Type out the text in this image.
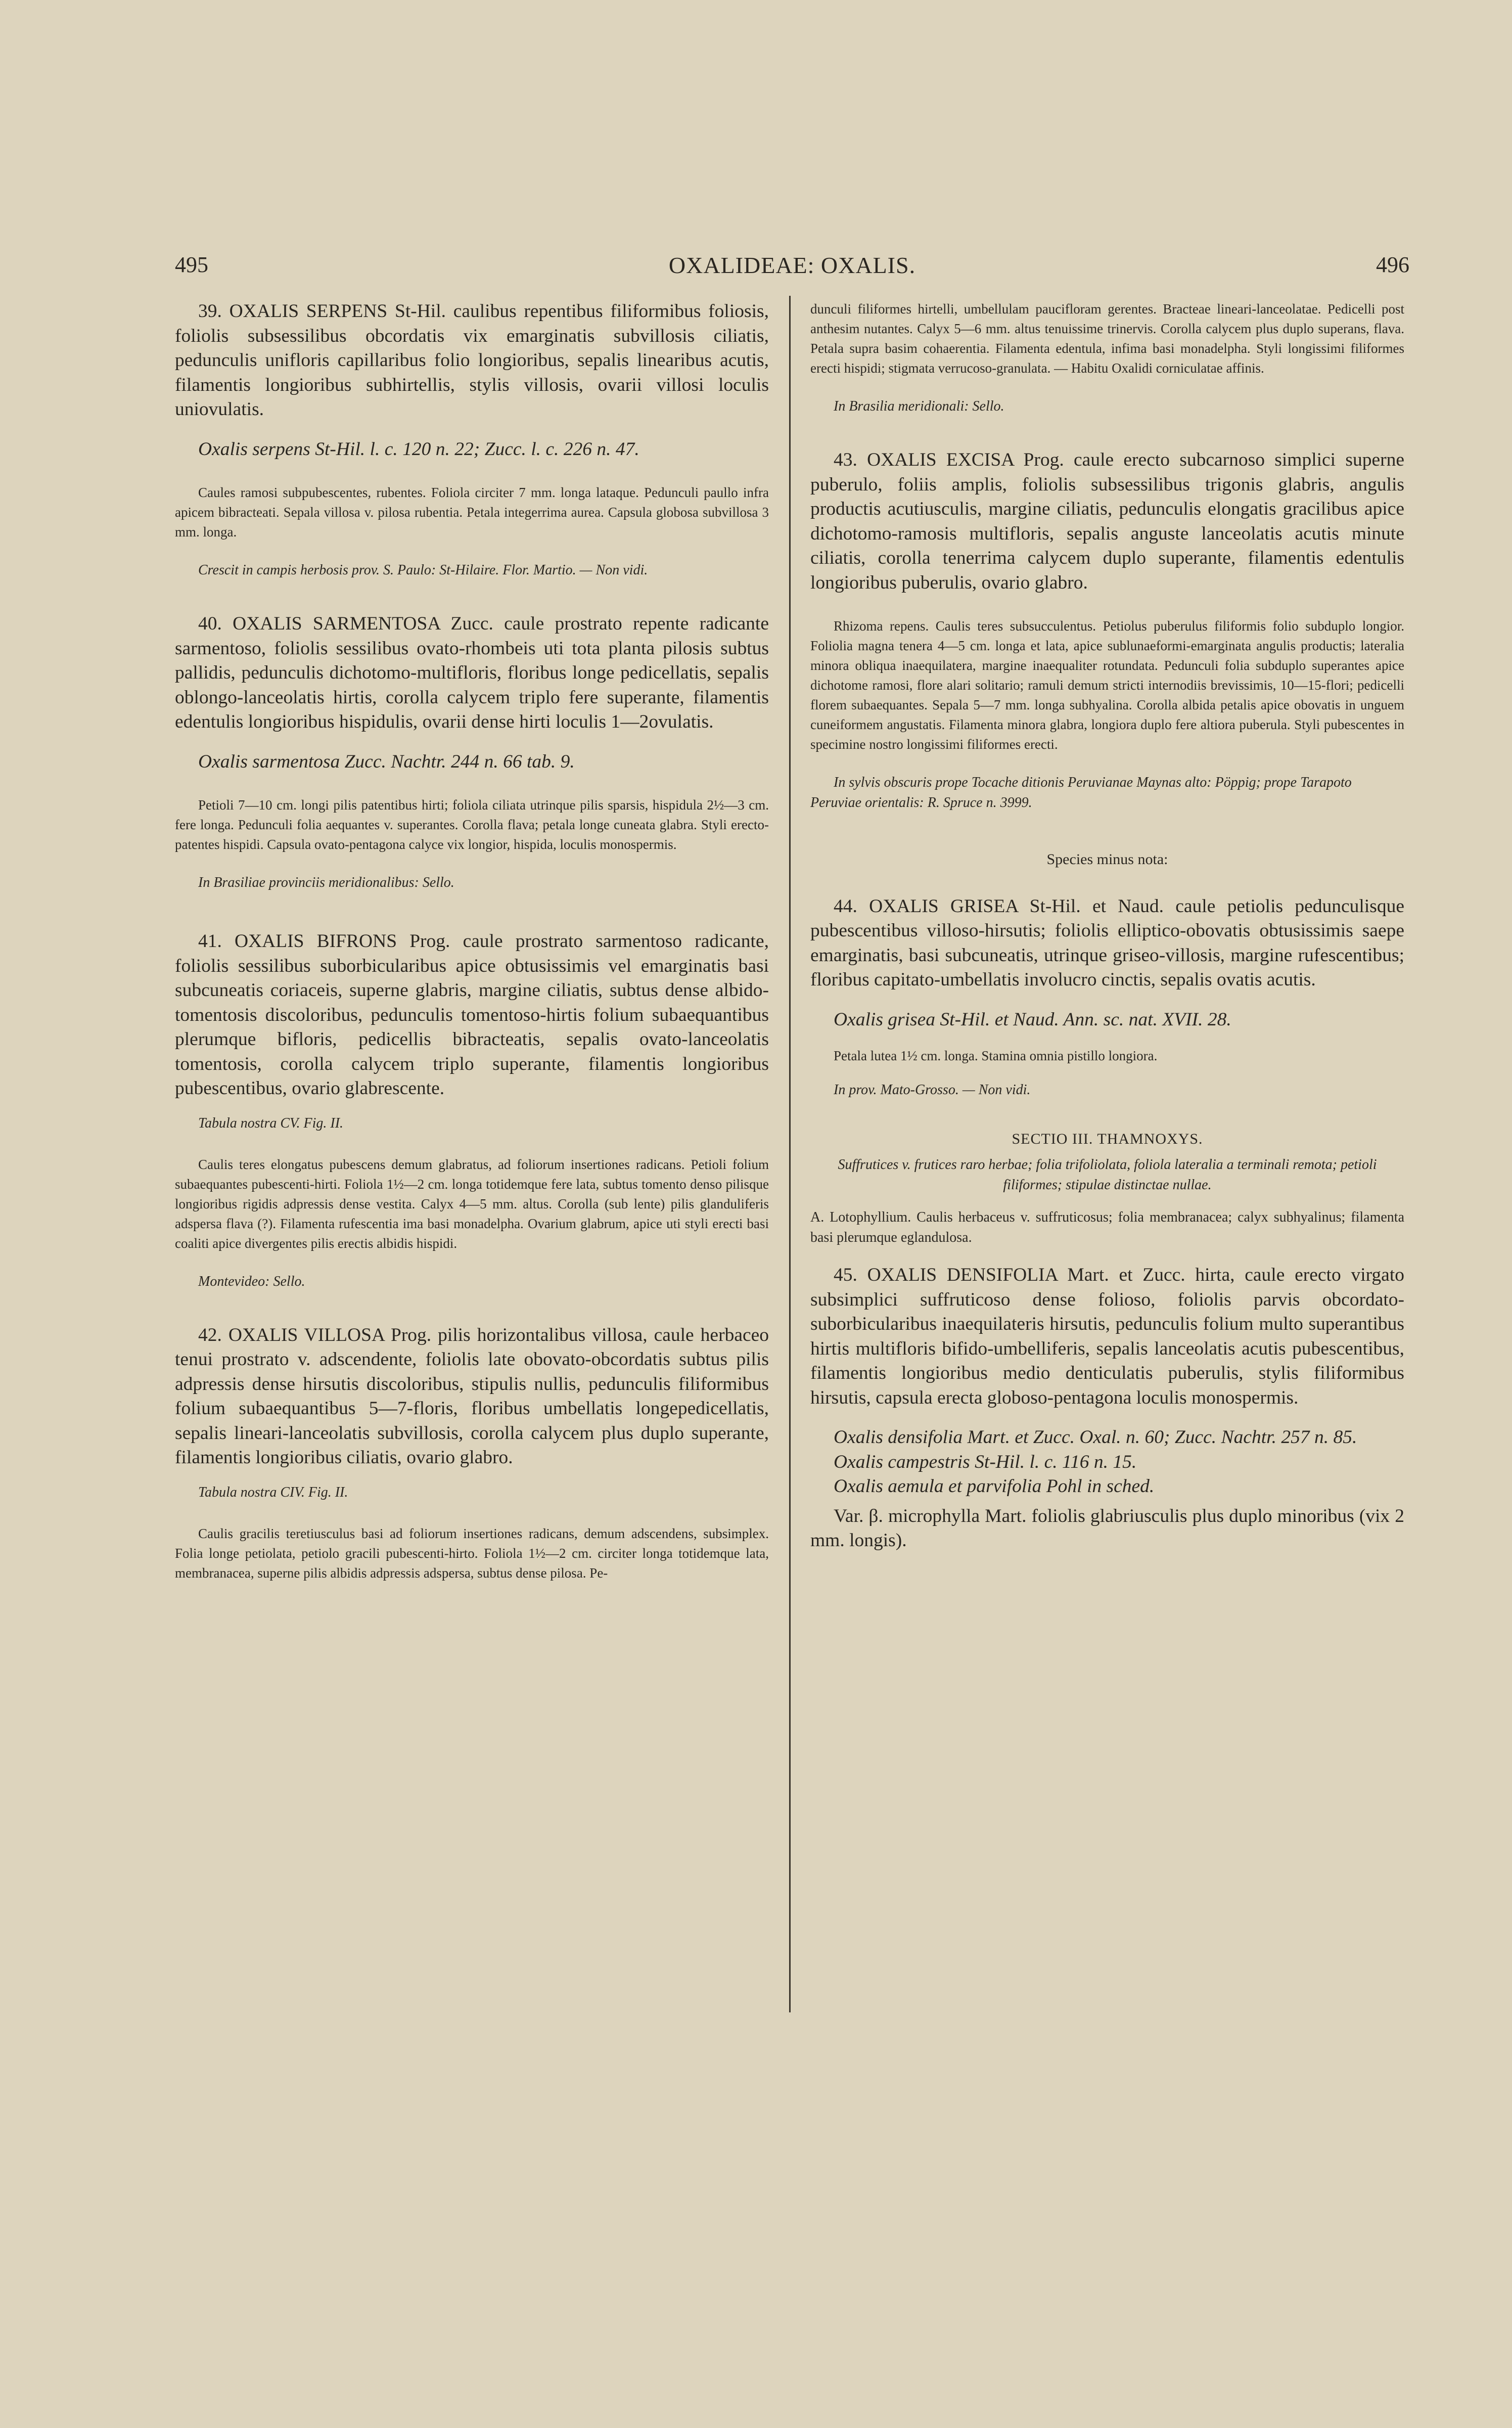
495	OXALIDEAE: OXALIS.	496

39. OXALIS SERPENS St-Hil. caulibus repentibus filiformibus foliosis, foliolis subsessilibus obcordatis vix emarginatis subvillosis ciliatis, pedunculis unifloris capillaribus folio longioribus, sepalis linearibus acutis, filamentis longioribus subhirtellis, stylis villosis, ovarii villosi loculis uniovulatis.

Oxalis serpens St-Hil. l. c. 120 n. 22; Zucc. l. c. 226 n. 47.

Caules ramosi subpubescentes, rubentes. Foliola circiter 7 mm. longa lataque. Pedunculi paullo infra apicem bibracteati. Sepala villosa v. pilosa rubentia. Petala integerrima aurea. Capsula globosa subvillosa 3 mm. longa.

Crescit in campis herbosis prov. S. Paulo: St-Hilaire. Flor. Martio. — Non vidi.

40. OXALIS SARMENTOSA Zucc. caule prostrato repente radicante sarmentoso, foliolis sessilibus ovato-rhombeis uti tota planta pilosis subtus pallidis, pedunculis dichotomo-multifloris, floribus longe pedicellatis, sepalis oblongo-lanceolatis hirtis, corolla calycem triplo fere superante, filamentis edentulis longioribus hispidulis, ovarii dense hirti loculis 1—2ovulatis.

Oxalis sarmentosa Zucc. Nachtr. 244 n. 66 tab. 9.

Petioli 7—10 cm. longi pilis patentibus hirti; foliola ciliata utrinque pilis sparsis, hispidula 2½—3 cm. fere longa. Pedunculi folia aequantes v. superantes. Corolla flava; petala longe cuneata glabra. Styli erecto-patentes hispidi. Capsula ovato-pentagona calyce vix longior, hispida, loculis monospermis.

In Brasiliae provinciis meridionalibus: Sello.

41. OXALIS BIFRONS Prog. caule prostrato sarmentoso radicante, foliolis sessilibus suborbicularibus apice obtusissimis vel emarginatis basi subcuneatis coriaceis, superne glabris, margine ciliatis, subtus dense albido-tomentosis discoloribus, pedunculis tomentoso-hirtis folium subaequantibus plerumque bifloris, pedicellis bibracteatis, sepalis ovato-lanceolatis tomentosis, corolla calycem triplo superante, filamentis longioribus pubescentibus, ovario glabrescente.

Tabula nostra CV. Fig. II.

Caulis teres elongatus pubescens demum glabratus, ad foliorum insertiones radicans. Petioli folium subaequantes pubescenti-hirti. Foliola 1½—2 cm. longa totidemque fere lata, subtus tomento denso pilisque longioribus rigidis adpressis dense vestita. Calyx 4—5 mm. altus. Corolla (sub lente) pilis glanduliferis adspersa flava (?). Filamenta rufescentia ima basi monadelpha. Ovarium glabrum, apice uti styli erecti basi coaliti apice divergentes pilis erectis albidis hispidi.

Montevideo: Sello.

42. OXALIS VILLOSA Prog. pilis horizontalibus villosa, caule herbaceo tenui prostrato v. adscendente, foliolis late obovato-obcordatis subtus pilis adpressis dense hirsutis discoloribus, stipulis nullis, pedunculis filiformibus folium subaequantibus 5—7-floris, floribus umbellatis longepedicellatis, sepalis lineari-lanceolatis subvillosis, corolla calycem plus duplo superante, filamentis longioribus ciliatis, ovario glabro.

Tabula nostra CIV. Fig. II.

Caulis gracilis teretiusculus basi ad foliorum insertiones radicans, demum adscendens, subsimplex. Folia longe petiolata, petiolo gracili pubescenti-hirto. Foliola 1½—2 cm. circiter longa totidemque lata, membranacea, superne pilis albidis adpressis adspersa, subtus dense pilosa. Pe-

dunculi filiformes hirtelli, umbellulam paucifloram gerentes. Bracteae lineari-lanceolatae. Pedicelli post anthesim nutantes. Calyx 5—6 mm. altus tenuissime trinervis. Corolla calycem plus duplo superans, flava. Petala supra basim cohaerentia. Filamenta edentula, infima basi monadelpha. Styli longissimi filiformes erecti hispidi; stigmata verrucoso-granulata. — Habitu Oxalidi corniculatae affinis.

In Brasilia meridionali: Sello.

43. OXALIS EXCISA Prog. caule erecto subcarnoso simplici superne puberulo, foliis amplis, foliolis subsessilibus trigonis glabris, angulis productis acutiusculis, margine ciliatis, pedunculis elongatis gracilibus apice dichotomo-ramosis multifloris, sepalis anguste lanceolatis acutis minute ciliatis, corolla tenerrima calycem duplo superante, filamentis edentulis longioribus puberulis, ovario glabro.

Rhizoma repens. Caulis teres subsucculentus. Petiolus puberulus filiformis folio subduplo longior. Foliolia magna tenera 4—5 cm. longa et lata, apice sublunaeformi-emarginata angulis productis; lateralia minora obliqua inaequilatera, margine inaequaliter rotundata. Pedunculi folia subduplo superantes apice dichotome ramosi, flore alari solitario; ramuli demum stricti internodiis brevissimis, 10—15-flori; pedicelli florem subaequantes. Sepala 5—7 mm. longa subhyalina. Corolla albida petalis apice obovatis in unguem cuneiformem angustatis. Filamenta minora glabra, longiora duplo fere altiora puberula. Styli pubescentes in specimine nostro longissimi filiformes erecti.

In sylvis obscuris prope Tocache ditionis Peruvianae Maynas alto: Pöppig; prope Tarapoto Peruviae orientalis: R. Spruce n. 3999.

Species minus nota:

44. OXALIS GRISEA St-Hil. et Naud. caule petiolis pedunculisque pubescentibus villoso-hirsutis; foliolis elliptico-obovatis obtusissimis saepe emarginatis, basi subcuneatis, utrinque griseo-villosis, margine rufescentibus; floribus capitato-umbellatis involucro cinctis, sepalis ovatis acutis.

Oxalis grisea St-Hil. et Naud. Ann. sc. nat. XVII. 28.

Petala lutea 1½ cm. longa. Stamina omnia pistillo longiora.

In prov. Mato-Grosso. — Non vidi.

SECTIO III. THAMNOXYS.

Suffrutices v. frutices raro herbae; folia trifoliolata, foliola lateralia a terminali remota; petioli filiformes; stipulae distinctae nullae.

A. Lotophyllium. Caulis herbaceus v. suffruticosus; folia membranacea; calyx subhyalinus; filamenta basi plerumque eglandulosa.

45. OXALIS DENSIFOLIA Mart. et Zucc. hirta, caule erecto virgato subsimplici suffruticoso dense folioso, foliolis parvis obcordato-suborbicularibus inaequilateris hirsutis, pedunculis folium multo superantibus hirtis multifloris bifido-umbelliferis, sepalis lanceolatis acutis pubescentibus, filamentis longioribus medio denticulatis puberulis, stylis filiformibus hirsutis, capsula erecta globoso-pentagona loculis monospermis.

Oxalis densifolia Mart. et Zucc. Oxal. n. 60; Zucc. Nachtr. 257 n. 85.

Oxalis campestris St-Hil. l. c. 116 n. 15.

Oxalis aemula et parvifolia Pohl in sched.

Var. β. microphylla Mart. foliolis glabriusculis plus duplo minoribus (vix 2 mm. longis).
